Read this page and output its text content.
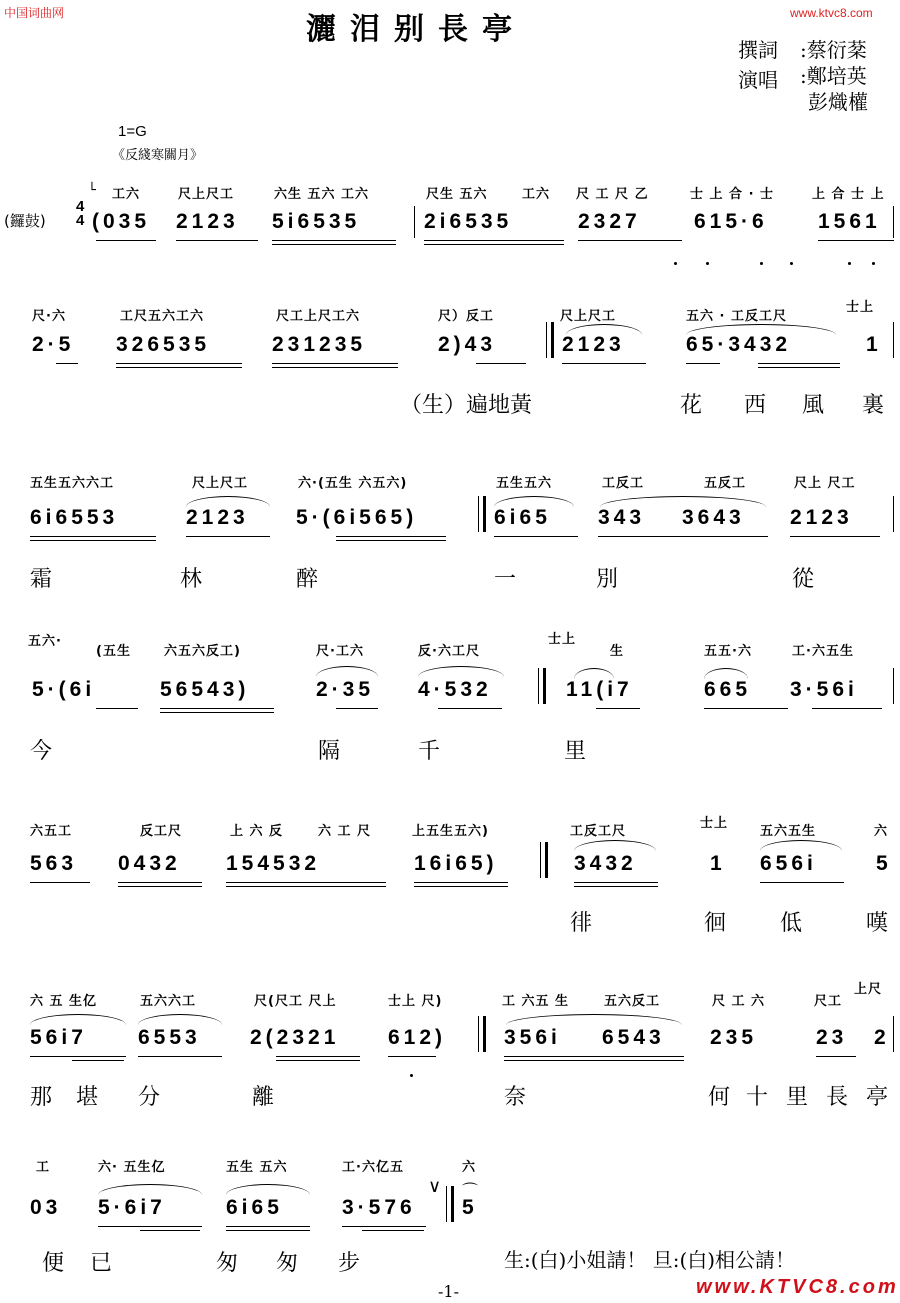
中国词曲网	灑泪别長亭	www.ktvc8.com
撰詞 :蔡衍棻
演唱 :鄭培英
彭熾權
1=G
《反綫寒關月》
(鑼鼓)
4
4
└ 工六	尺上尺工	六生 五六 工六	尺生 五六	工六 尺 工 尺 乙	士 上 合 · 士	上 合 士 上
(035 2123 5i6535	2i6535	2327	615·6 1561
尺·六	工尺五六工六	尺工上尺工六	尺）反工	尺上尺工	五六 · 工反工尺
士上
2·5 326535	231235	2)43	2123	65·3432	1
（生）遍地黃	花 西 風 裏
五生五六六工	尺上尺工	六·(五生 六五六)	五生五六	工反工	五反工	尺上 尺工
6i6553	2123 5·(6i565)	6i65 343 3643 2123
霜	林	醉	一	別	從
五六·
(五生	六五六反工)	尺·工六	反·六工尺
士上
生	五五·六	工·六五生
5·(6i	56543)	2·35 4·532	11(i7	665 3·56i
今	隔	千	里
六五工	反工尺	上 六 反	六 工 尺	上五生五六)	工反工尺
士上
五六五生	六
563 0432 154532	16i65)	3432	1 656i	5
徘	徊 低	嘆
六 五 生亿	五六六工	尺(尺工 尺上	士上 尺)	工 六五 生	五六反工	尺 工 六	尺工
上尺
56i7 6553 2(2321 612)	356i 6543 235	23 2
那 堪 分	離	奈	何 十 里 長 亭
工	六· 五生亿	五生 五六	工·六亿五	六
03 5·6i7	6i65	3·576
∨
5
⌒
便 已	匆 匆 步	生:(白)小姐請！ 旦:(白)相公請！
-1-	www.KTVC8.com
